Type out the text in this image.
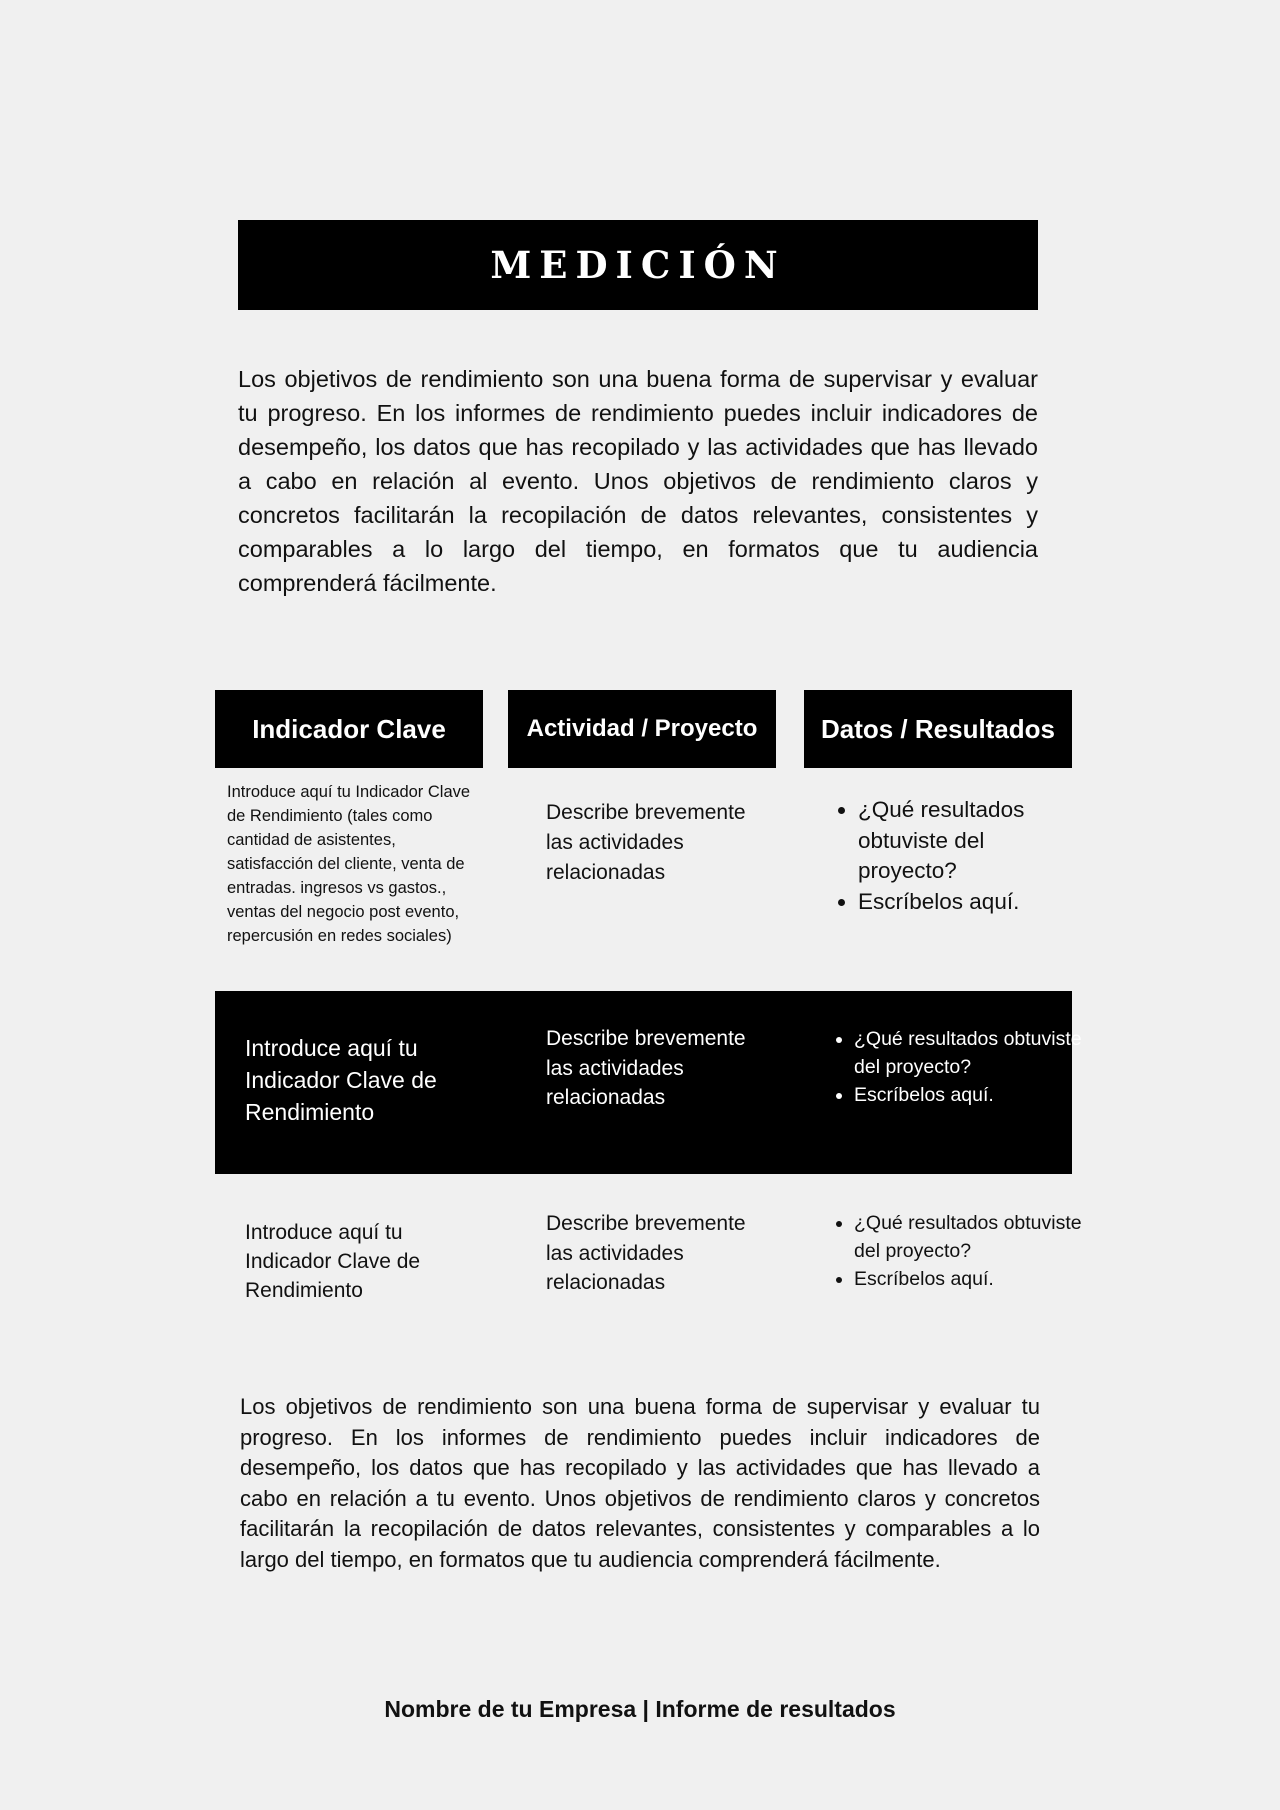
MEDICIÓN

Los objetivos de rendimiento son una buena forma de supervisar y evaluar tu progreso. En los informes de rendimiento puedes incluir indicadores de desempeño, los datos que has recopilado y las actividades que has llevado a cabo en relación al evento. Unos objetivos de rendimiento claros y concretos facilitarán la recopilación de datos relevantes, consistentes y comparables a lo largo del tiempo, en formatos que tu audiencia comprenderá fácilmente.

Indicador Clave	Actividad / Proyecto	Datos / Resultados

Introduce aquí tu Indicador Clave de Rendimiento (tales como cantidad de asistentes, satisfacción del cliente, venta de entradas. ingresos vs gastos., ventas del negocio post evento, repercusión en redes sociales)

Describe brevemente las actividades relacionadas

• ¿Qué resultados obtuviste del proyecto?
• Escríbelos aquí.

Introduce aquí tu Indicador Clave de Rendimiento

Describe brevemente las actividades relacionadas

• ¿Qué resultados obtuviste del proyecto?
• Escríbelos aquí.

Introduce aquí tu Indicador Clave de Rendimiento

Describe brevemente las actividades relacionadas

• ¿Qué resultados obtuviste del proyecto?
• Escríbelos aquí.

Los objetivos de rendimiento son una buena forma de supervisar y evaluar tu progreso. En los informes de rendimiento puedes incluir indicadores de desempeño, los datos que has recopilado y las actividades que has llevado a cabo en relación a tu evento. Unos objetivos de rendimiento claros y concretos facilitarán la recopilación de datos relevantes, consistentes y comparables a lo largo del tiempo, en formatos que tu audiencia comprenderá fácilmente.

Nombre de tu Empresa | Informe de resultados
